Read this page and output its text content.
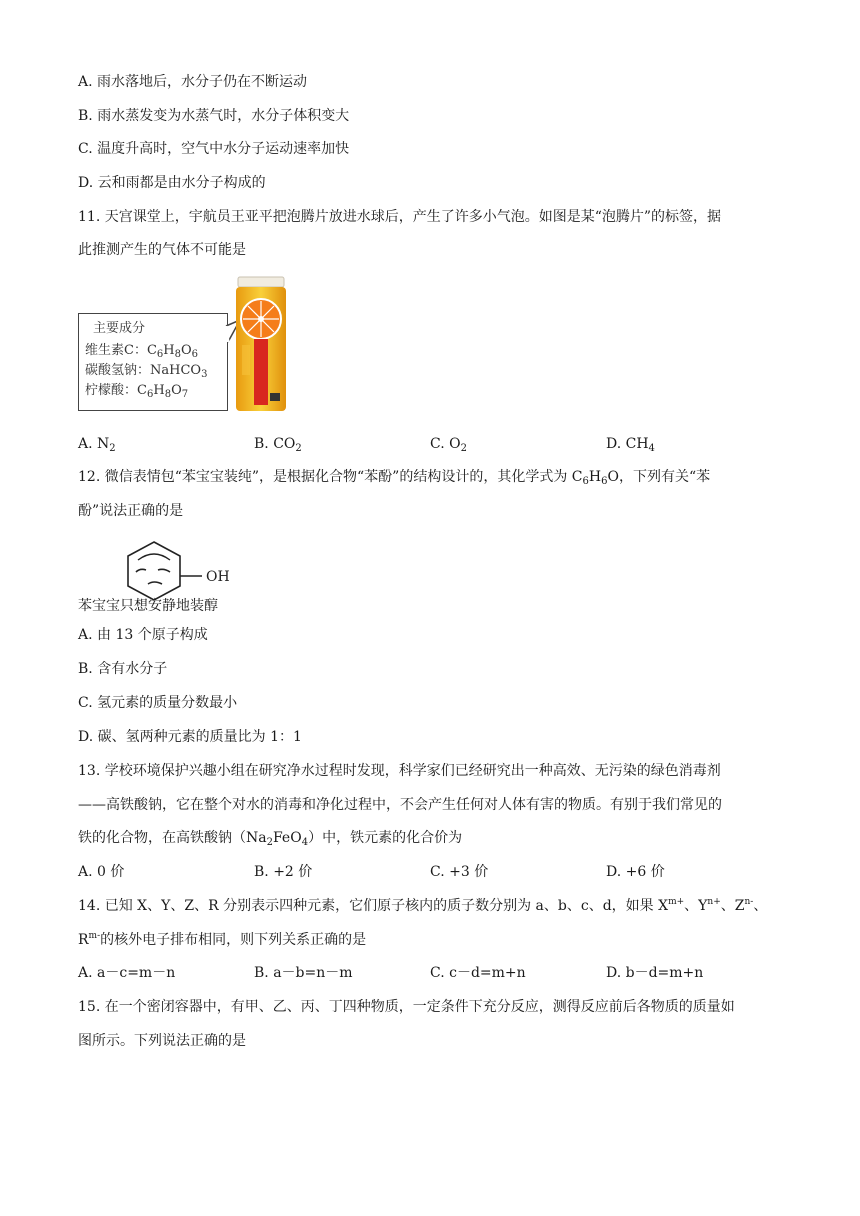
A. 雨水落地后，水分子仍在不断运动
B. 雨水蒸发变为水蒸气时，水分子体积变大
C. 温度升高时，空气中水分子运动速率加快
D. 云和雨都是由水分子构成的
11. 天宫课堂上，宇航员王亚平把泡腾片放进水球后，产生了许多小气泡。如图是某“泡腾片”的标签，据
此推测产生的气体不可能是
主要成分
维生素C：$C_6H_8O_6$
碳酸氢钠：NaHCO$_3$
柠檬酸：$C_6H_8O_7$
A. $N_2$	B. $CO_2$	C. $O_2$	D. $CH_4$
12. 微信表情包“苯宝宝装纯”，是根据化合物“苯酚”的结构设计的，其化学式为 $C_6H_6O$，下列有关“苯
酚”说法正确的是
OH
苯宝宝只想安静地装醇
A. 由 13 个原子构成
B. 含有水分子
C. 氢元素的质量分数最小
D. 碳、氢两种元素的质量比为 1：1
13. 学校环境保护兴趣小组在研究净水过程时发现，科学家们已经研究出一种高效、无污染的绿色消毒剂
——高铁酸钠，它在整个对水的消毒和净化过程中，不会产生任何对人体有害的物质。有别于我们常见的
铁的化合物，在高铁酸钠$(Na_2FeO_4)$中，铁元素的化合价为
A. 0 价	B. +2 价	C. +3 价	D. +6 价
14. 已知 X、Y、Z、R 分别表示四种元素，它们原子核内的质子数分别为 a、b、c、d，如果 $X^{m+}$、$Y^{n+}$、$Z^{n-}$、
$R^{m-}$的核外电子排布相同，则下列关系正确的是
A. a－c=m－n	B. a－b=n－m	C. c－d=m+n	D. b－d=m+n
15. 在一个密闭容器中，有甲、乙、丙、丁四种物质，一定条件下充分反应，测得反应前后各物质的质量如
图所示。下列说法正确的是
